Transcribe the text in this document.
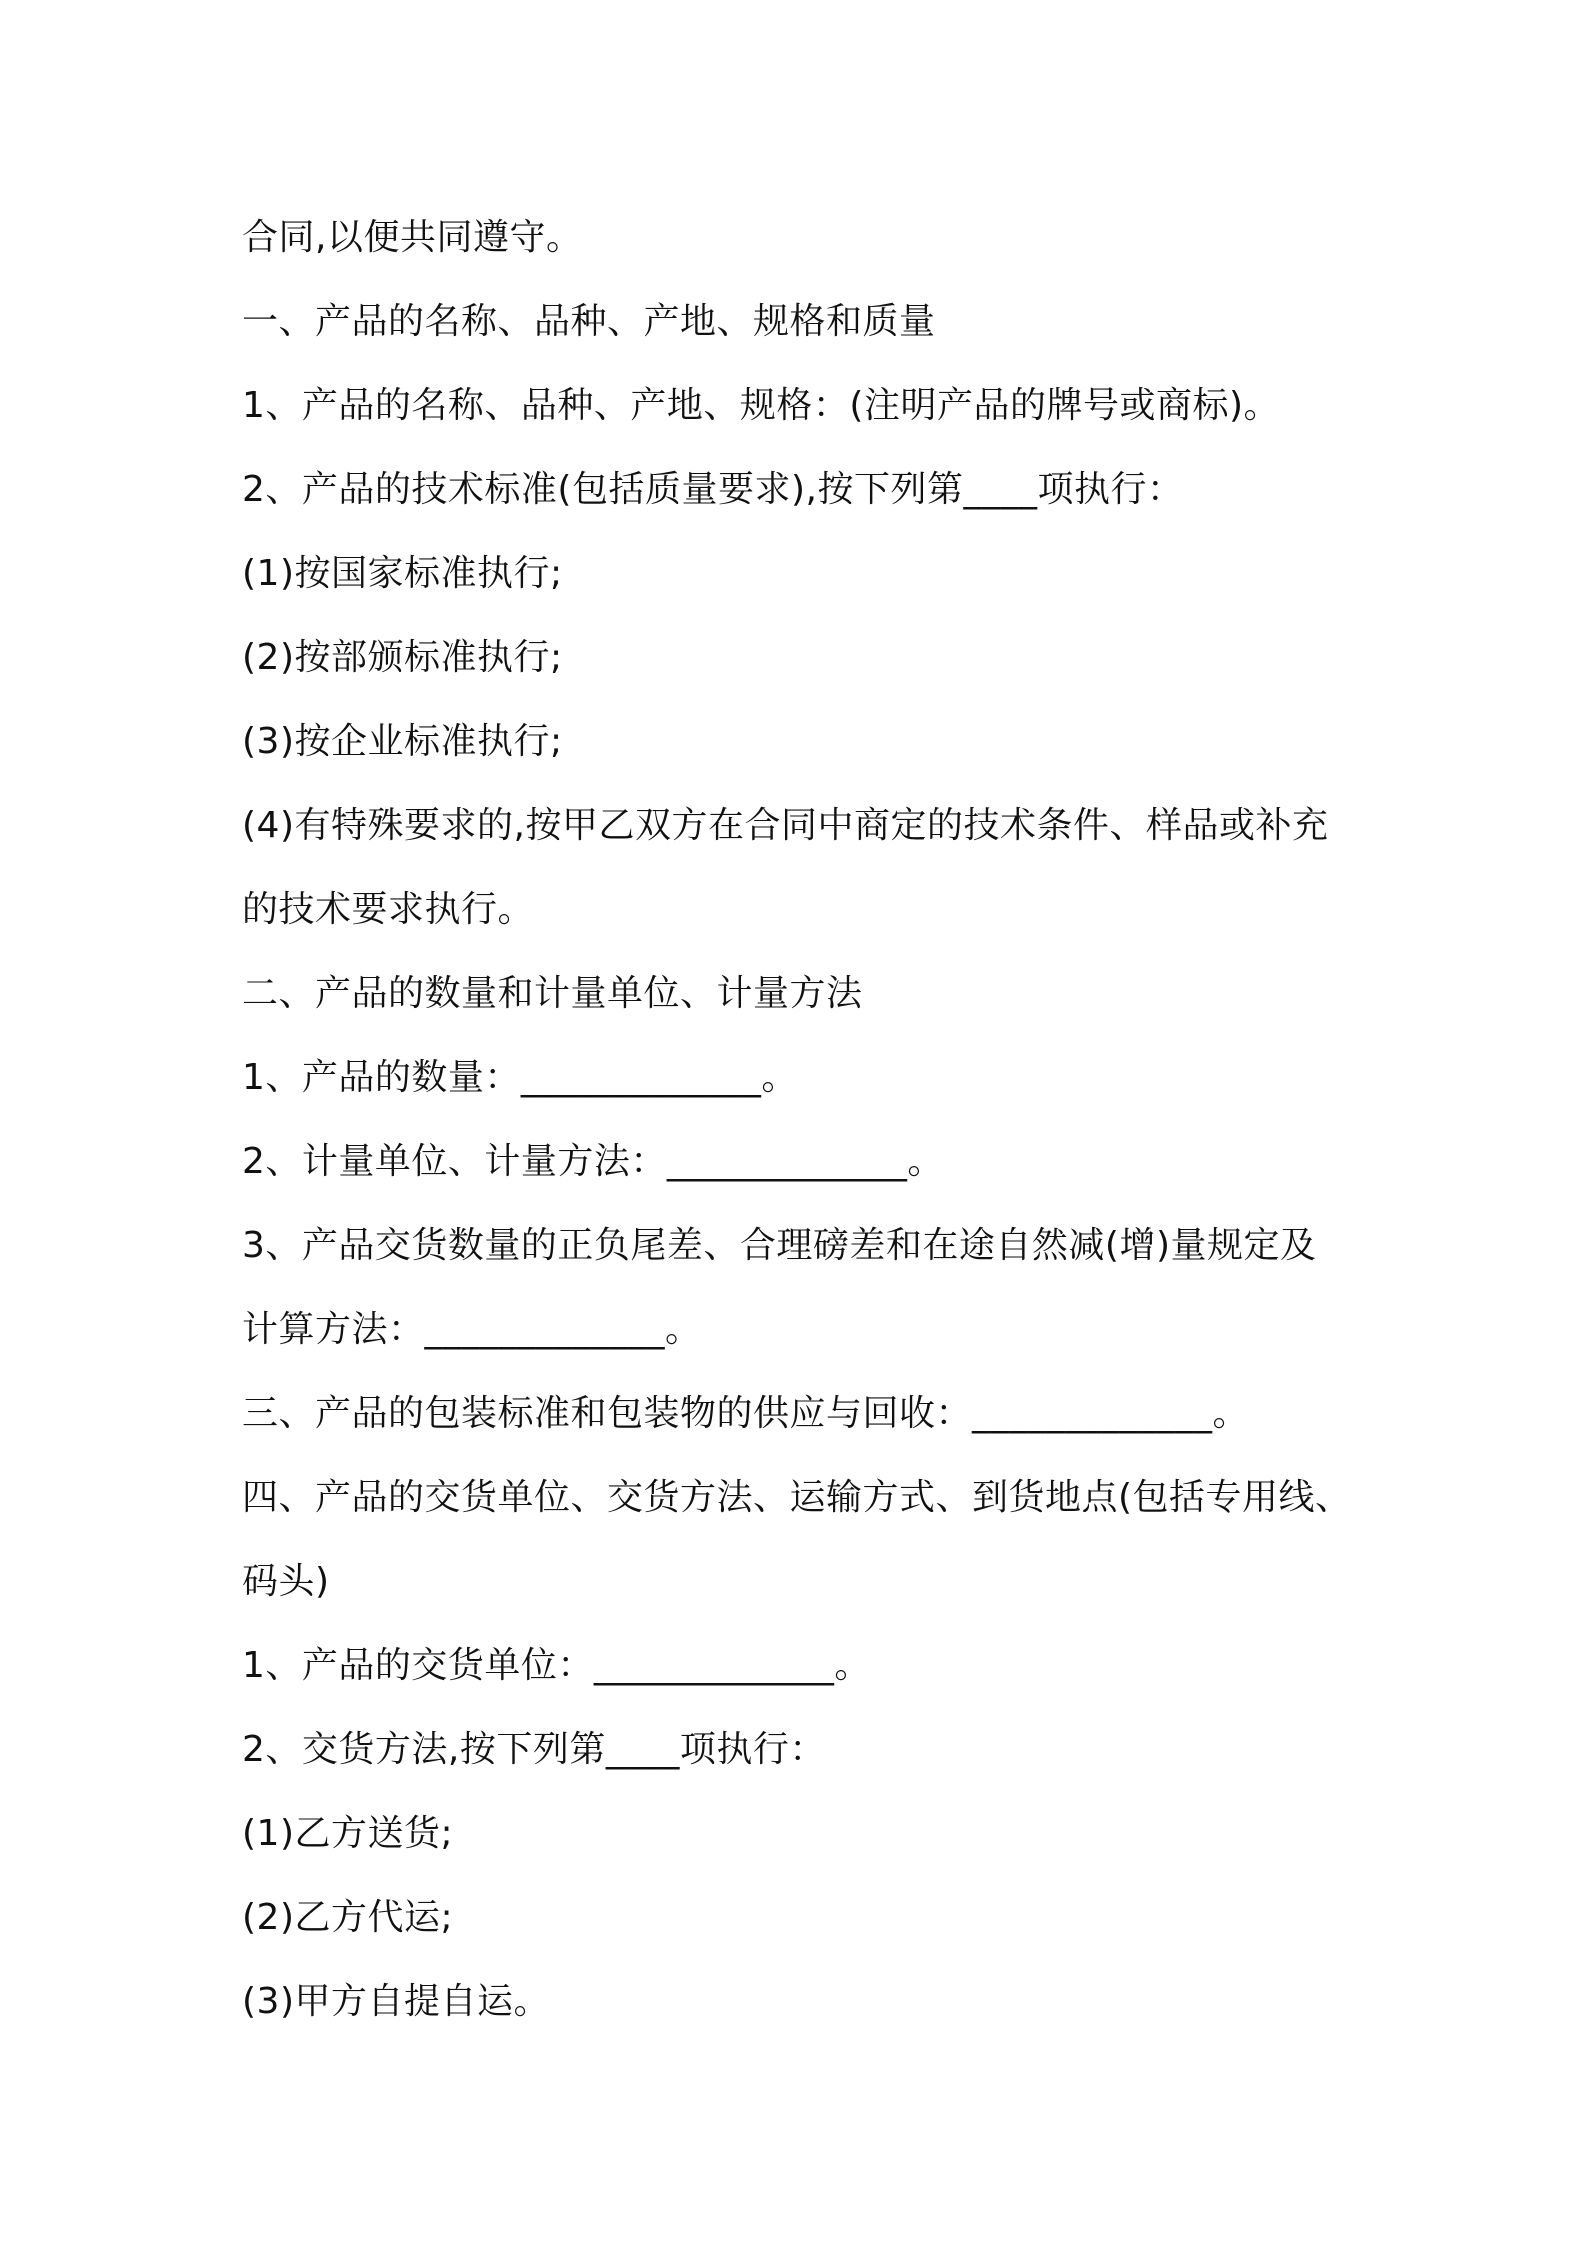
合同,以便共同遵守。
一、产品的名称、品种、产地、规格和质量
1、产品的名称、品种、产地、规格：(注明产品的牌号或商标)。
2、产品的技术标准(包括质量要求),按下列第____项执行：
(1)按国家标准执行;
(2)按部颁标准执行;
(3)按企业标准执行;
(4)有特殊要求的,按甲乙双方在合同中商定的技术条件、样品或补充
的技术要求执行。
二、产品的数量和计量单位、计量方法
1、产品的数量：_____________。
2、计量单位、计量方法：_____________。
3、产品交货数量的正负尾差、合理磅差和在途自然减(增)量规定及
计算方法：_____________。
三、产品的包装标准和包装物的供应与回收：_____________。
四、产品的交货单位、交货方法、运输方式、到货地点(包括专用线、
码头)
1、产品的交货单位：_____________。
2、交货方法,按下列第____项执行：
(1)乙方送货;
(2)乙方代运;
(3)甲方自提自运。
